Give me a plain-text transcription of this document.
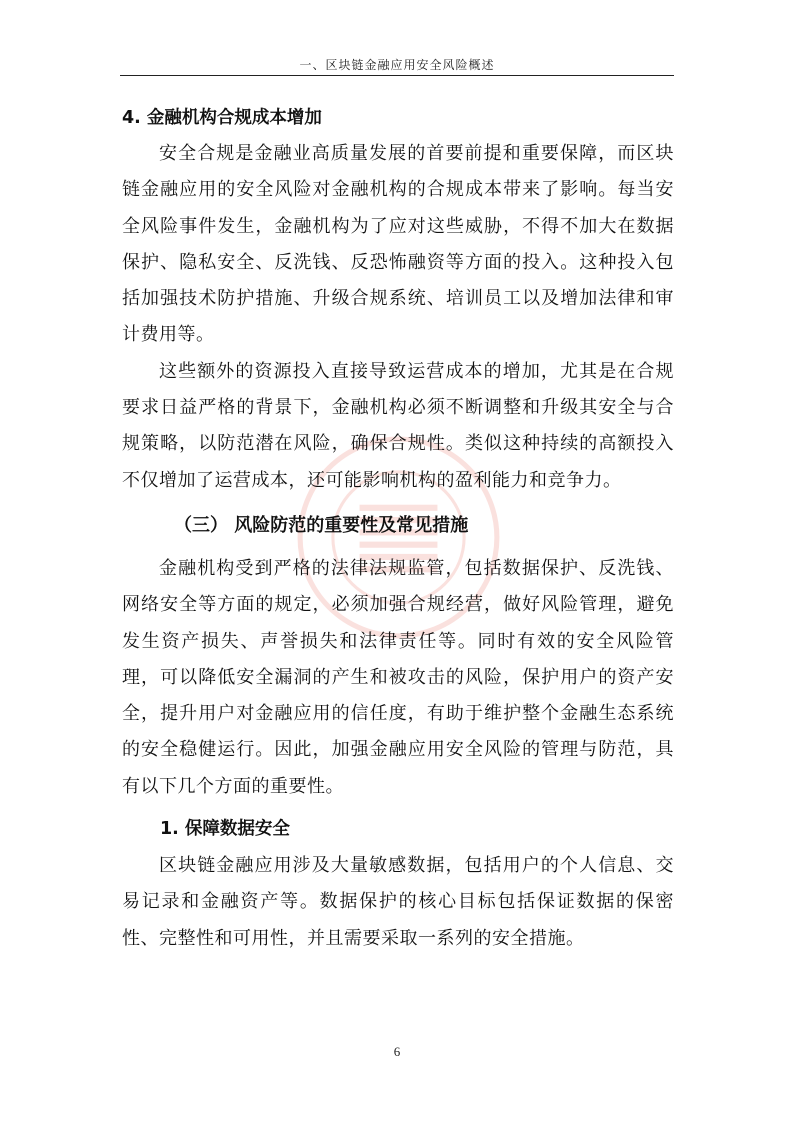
一、区块链金融应用安全风险概述
4. 金融机构合规成本增加

安全合规是金融业高质量发展的首要前提和重要保障，而区块链金融应用的安全风险对金融机构的合规成本带来了影响。每当安全风险事件发生，金融机构为了应对这些威胁，不得不加大在数据保护、隐私安全、反洗钱、反恐怖融资等方面的投入。这种投入包括加强技术防护措施、升级合规系统、培训员工以及增加法律和审计费用等。

这些额外的资源投入直接导致运营成本的增加，尤其是在合规要求日益严格的背景下，金融机构必须不断调整和升级其安全与合规策略，以防范潜在风险，确保合规性。类似这种持续的高额投入不仅增加了运营成本，还可能影响机构的盈利能力和竞争力。

（三） 风险防范的重要性及常见措施

金融机构受到严格的法律法规监管，包括数据保护、反洗钱、网络安全等方面的规定，必须加强合规经营，做好风险管理，避免发生资产损失、声誉损失和法律责任等。同时有效的安全风险管理，可以降低安全漏洞的产生和被攻击的风险，保护用户的资产安全，提升用户对金融应用的信任度，有助于维护整个金融生态系统的安全稳健运行。因此，加强金融应用安全风险的管理与防范，具有以下几个方面的重要性。

1. 保障数据安全

区块链金融应用涉及大量敏感数据，包括用户的个人信息、交易记录和金融资产等。数据保护的核心目标包括保证数据的保密性、完整性和可用性，并且需要采取一系列的安全措施。

6
